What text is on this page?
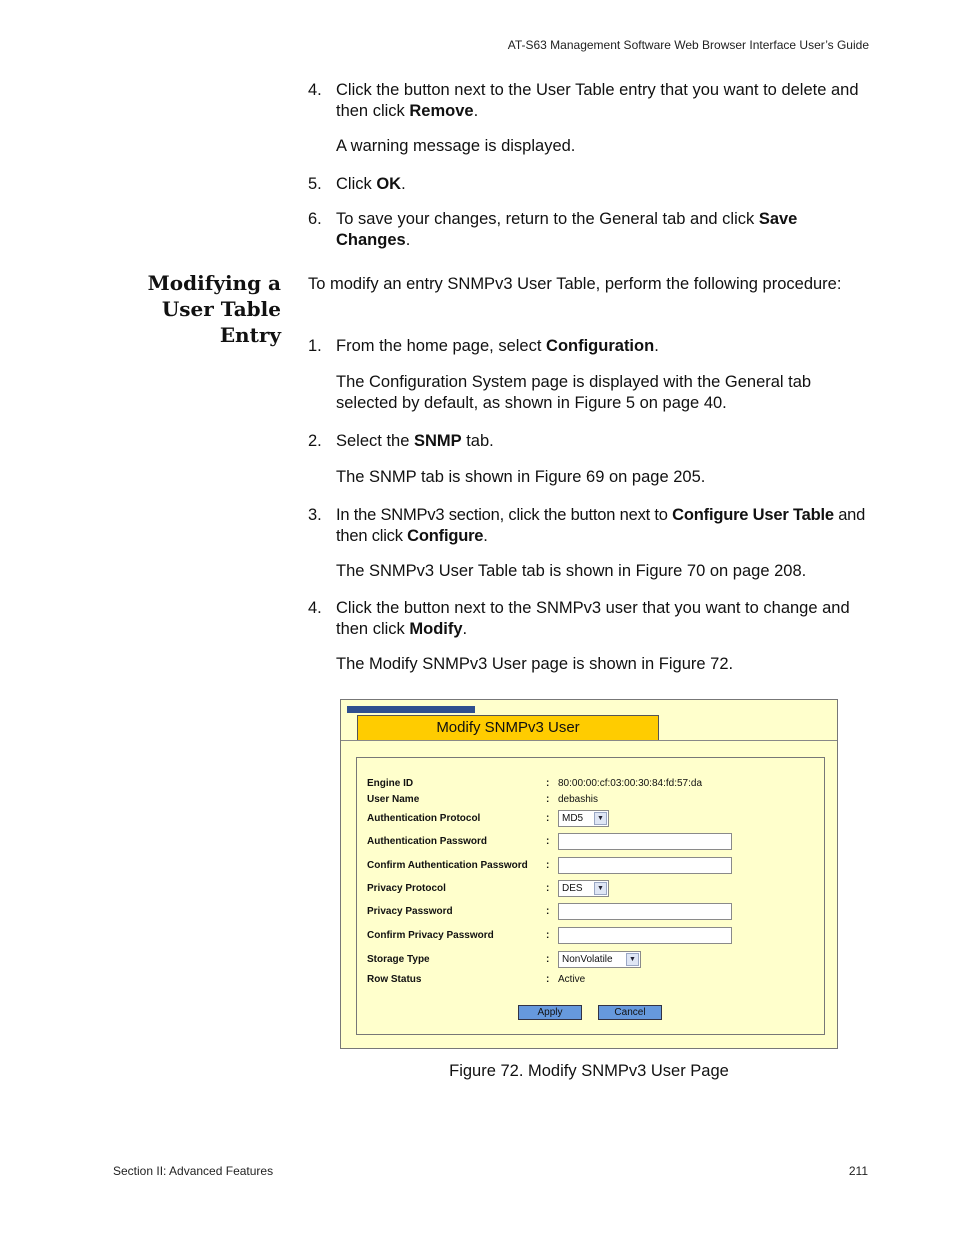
AT-S63 Management Software Web Browser Interface User’s Guide
4. Click the button next to the User Table entry that you want to delete and then click Remove.
A warning message is displayed.
5. Click OK.
6. To save your changes, return to the General tab and click Save Changes.
Modifying a
User Table
Entry
To modify an entry SNMPv3 User Table, perform the following procedure:
1. From the home page, select Configuration.
The Configuration System page is displayed with the General tab selected by default, as shown in Figure 5 on page 40.
2. Select the SNMP tab.
The SNMP tab is shown in Figure 69 on page 205.
3. In the SNMPv3 section, click the button next to Configure User Table and then click Configure.
The SNMPv3 User Table tab is shown in Figure 70 on page 208.
4. Click the button next to the SNMPv3 user that you want to change and then click Modify.
The Modify SNMPv3 User page is shown in Figure 72.
Modify SNMPv3 User
Engine ID	: 80:00:00:cf:03:00:30:84:fd:57:da
User Name	: debashis
Authentication Protocol	:	MD5	▼
Authentication Password	:
Confirm Authentication Password :
Privacy Protocol	:	DES	▼
Privacy Password	:
Confirm Privacy Password	:
Storage Type	:	NonVolatile	▼
Row Status	: Active
Apply	Cancel
Figure 72. Modify SNMPv3 User Page
Section II: Advanced Features	211
